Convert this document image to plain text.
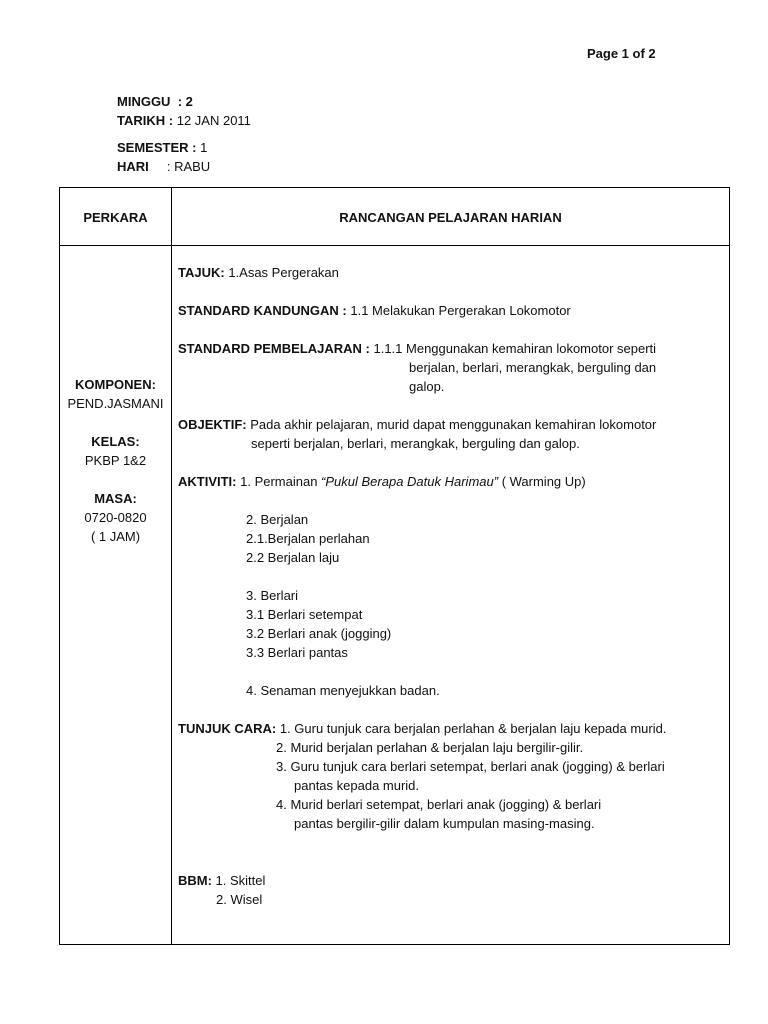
Page 1 of 2
MINGGU : 2
TARIKH : 12 JAN 2011
SEMESTER : 1
HARI : RABU
PERKARA	RANCANGAN PELAJARAN HARIAN
KOMPONEN:
PEND.JASMANI
KELAS:
PKBP 1&2
MASA:
0720-0820
( 1 JAM)
TAJUK: 1.Asas Pergerakan
STANDARD KANDUNGAN : 1.1 Melakukan Pergerakan Lokomotor
STANDARD PEMBELAJARAN : 1.1.1 Menggunakan kemahiran lokomotor seperti
berjalan, berlari, merangkak, berguling dan
galop.
OBJEKTIF: Pada akhir pelajaran, murid dapat menggunakan kemahiran lokomotor
seperti berjalan, berlari, merangkak, berguling dan galop.
AKTIVITI: 1. Permainan “Pukul Berapa Datuk Harimau” ( Warming Up)
2. Berjalan
2.1.Berjalan perlahan
2.2 Berjalan laju
3. Berlari
3.1 Berlari setempat
3.2 Berlari anak (jogging)
3.3 Berlari pantas
4. Senaman menyejukkan badan.
TUNJUK CARA: 1. Guru tunjuk cara berjalan perlahan & berjalan laju kepada murid.
2. Murid berjalan perlahan & berjalan laju bergilir-gilir.
3. Guru tunjuk cara berlari setempat, berlari anak (jogging) & berlari
pantas kepada murid.
4. Murid berlari setempat, berlari anak (jogging) & berlari
pantas bergilir-gilir dalam kumpulan masing-masing.
BBM: 1. Skittel
2. Wisel
